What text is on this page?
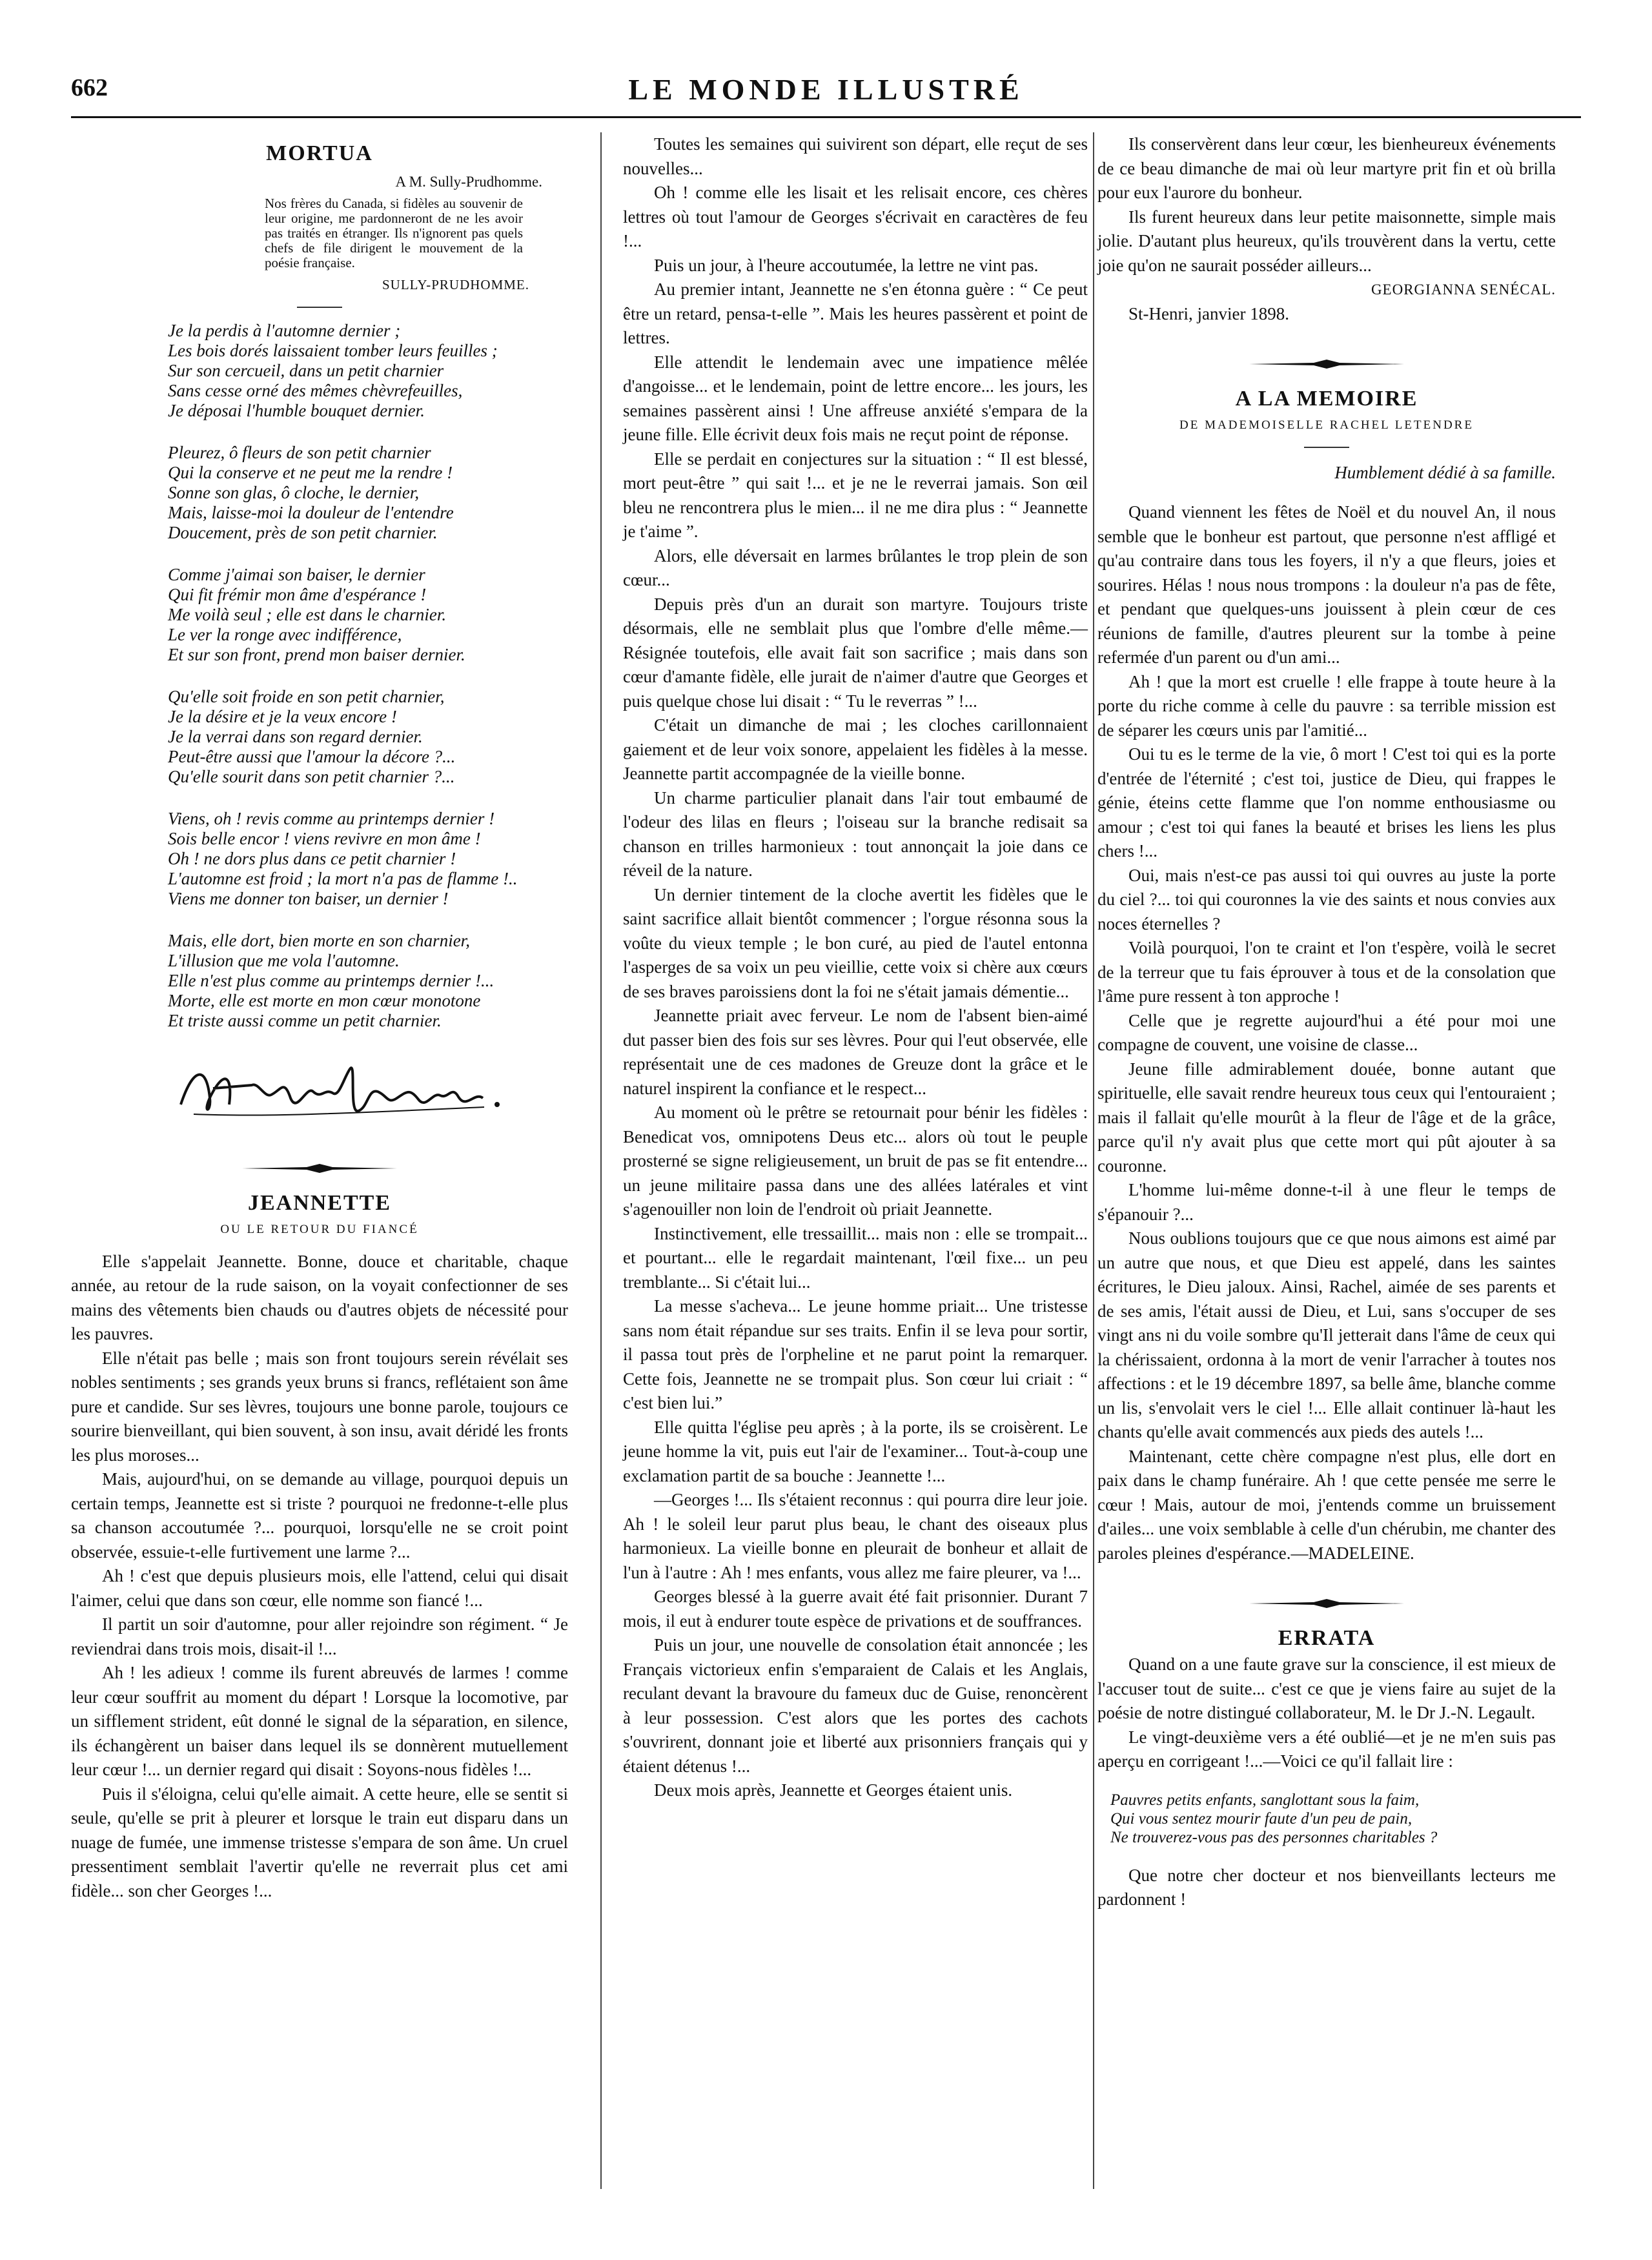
662	LE MONDE ILLUSTRÉ
MORTUA
A M. Sully-Prudhomme.
Nos frères du Canada, si fidèles au souvenir de leur origine, me pardonneront de ne les avoir pas traités en étranger. Ils n'ignorent pas quels chefs de file dirigent le mouvement de la poésie française.
SULLY-PRUDHOMME.
Je la perdis à l'automne dernier ;
Les bois dorés laissaient tomber leurs feuilles ;
Sur son cercueil, dans un petit charnier
Sans cesse orné des mêmes chèvrefeuilles,
Je déposai l'humble bouquet dernier.
Pleurez, ô fleurs de son petit charnier
Qui la conserve et ne peut me la rendre !
Sonne son glas, ô cloche, le dernier,
Mais, laisse-moi la douleur de l'entendre
Doucement, près de son petit charnier.
Comme j'aimai son baiser, le dernier
Qui fit frémir mon âme d'espérance !
Me voilà seul ; elle est dans le charnier.
Le ver la ronge avec indifférence,
Et sur son front, prend mon baiser dernier.
Qu'elle soit froide en son petit charnier,
Je la désire et je la veux encore !
Je la verrai dans son regard dernier.
Peut-être aussi que l'amour la décore ?...
Qu'elle sourit dans son petit charnier ?...
Viens, oh ! revis comme au printemps dernier !
Sois belle encor ! viens revivre en mon âme !
Oh ! ne dors plus dans ce petit charnier !
L'automne est froid ; la mort n'a pas de flamme !..
Viens me donner ton baiser, un dernier !
Mais, elle dort, bien morte en son charnier,
L'illusion que me vola l'automne.
Elle n'est plus comme au printemps dernier !...
Morte, elle est morte en mon cœur monotone
Et triste aussi comme un petit charnier.
JEANNETTE
OU LE RETOUR DU FIANCÉ

Elle s'appelait Jeannette. Bonne, douce et charitable, chaque année, au retour de la rude saison, on la voyait confectionner de ses mains des vêtements bien chauds ou d'autres objets de nécessité pour les pauvres.

Elle n'était pas belle ; mais son front toujours serein révélait ses nobles sentiments ; ses grands yeux bruns si francs, reflétaient son âme pure et candide. Sur ses lèvres, toujours une bonne parole, toujours ce sourire bienveillant, qui bien souvent, à son insu, avait déridé les fronts les plus moroses...

Mais, aujourd'hui, on se demande au village, pourquoi depuis un certain temps, Jeannette est si triste ? pourquoi ne fredonne-t-elle plus sa chanson accoutumée ?... pourquoi, lorsqu'elle ne se croit point observée, essuie-t-elle furtivement une larme ?...

Ah ! c'est que depuis plusieurs mois, elle l'attend, celui qui disait l'aimer, celui que dans son cœur, elle nomme son fiancé !...

Il partit un soir d'automne, pour aller rejoindre son régiment. “ Je reviendrai dans trois mois, disait-il !...

Ah ! les adieux ! comme ils furent abreuvés de larmes ! comme leur cœur souffrit au moment du départ ! Lorsque la locomotive, par un sifflement strident, eût donné le signal de la séparation, en silence, ils échangèrent un baiser dans lequel ils se donnèrent mutuellement leur cœur !... un dernier regard qui disait : Soyons-nous fidèles !...

Puis il s'éloigna, celui qu'elle aimait. A cette heure, elle se sentit si seule, qu'elle se prit à pleurer et lorsque le train eut disparu dans un nuage de fumée, une immense tristesse s'empara de son âme. Un cruel pressentiment semblait l'avertir qu'elle ne reverrait plus cet ami fidèle... son cher Georges !...

Toutes les semaines qui suivirent son départ, elle reçut de ses nouvelles...

Oh ! comme elle les lisait et les relisait encore, ces chères lettres où tout l'amour de Georges s'écrivait en caractères de feu !...

Puis un jour, à l'heure accoutumée, la lettre ne vint pas.

Au premier intant, Jeannette ne s'en étonna guère : “ Ce peut être un retard, pensa-t-elle ”. Mais les heures passèrent et point de lettres.

Elle attendit le lendemain avec une impatience mêlée d'angoisse... et le lendemain, point de lettre encore... les jours, les semaines passèrent ainsi ! Une affreuse anxiété s'empara de la jeune fille. Elle écrivit deux fois mais ne reçut point de réponse.

Elle se perdait en conjectures sur la situation : “ Il est blessé, mort peut-être ” qui sait !... et je ne le reverrai jamais. Son œil bleu ne rencontrera plus le mien... il ne me dira plus : “ Jeannette je t'aime ”.

Alors, elle déversait en larmes brûlantes le trop plein de son cœur...

Depuis près d'un an durait son martyre. Toujours triste désormais, elle ne semblait plus que l'ombre d'elle même.—Résignée toutefois, elle avait fait son sacrifice ; mais dans son cœur d'amante fidèle, elle jurait de n'aimer d'autre que Georges et puis quelque chose lui disait : “ Tu le reverras ” !...

C'était un dimanche de mai ; les cloches carillonnaient gaiement et de leur voix sonore, appelaient les fidèles à la messe. Jeannette partit accompagnée de la vieille bonne.

Un charme particulier planait dans l'air tout embaumé de l'odeur des lilas en fleurs ; l'oiseau sur la branche redisait sa chanson en trilles harmonieux : tout annonçait la joie dans ce réveil de la nature.

Un dernier tintement de la cloche avertit les fidèles que le saint sacrifice allait bientôt commencer ; l'orgue résonna sous la voûte du vieux temple ; le bon curé, au pied de l'autel entonna l'asperges de sa voix un peu vieillie, cette voix si chère aux cœurs de ses braves paroissiens dont la foi ne s'était jamais démentie...

Jeannette priait avec ferveur. Le nom de l'absent bien-aimé dut passer bien des fois sur ses lèvres. Pour qui l'eut observée, elle représentait une de ces madones de Greuze dont la grâce et le naturel inspirent la confiance et le respect...

Au moment où le prêtre se retournait pour bénir les fidèles : Benedicat vos, omnipotens Deus etc... alors où tout le peuple prosterné se signe religieusement, un bruit de pas se fit entendre... un jeune militaire passa dans une des allées latérales et vint s'agenouiller non loin de l'endroit où priait Jeannette.

Instinctivement, elle tressaillit... mais non : elle se trompait... et pourtant... elle le regardait maintenant, l'œil fixe... un peu tremblante... Si c'était lui...

La messe s'acheva... Le jeune homme priait... Une tristesse sans nom était répandue sur ses traits. Enfin il se leva pour sortir, il passa tout près de l'orpheline et ne parut point la remarquer. Cette fois, Jeannette ne se trompait plus. Son cœur lui criait : “ c'est bien lui.”

Elle quitta l'église peu après ; à la porte, ils se croisèrent. Le jeune homme la vit, puis eut l'air de l'examiner... Tout-à-coup une exclamation partit de sa bouche : Jeannette !...

—Georges !... Ils s'étaient reconnus : qui pourra dire leur joie. Ah ! le soleil leur parut plus beau, le chant des oiseaux plus harmonieux. La vieille bonne en pleurait de bonheur et allait de l'un à l'autre : Ah ! mes enfants, vous allez me faire pleurer, va !...

Georges blessé à la guerre avait été fait prisonnier. Durant 7 mois, il eut à endurer toute espèce de privations et de souffrances.

Puis un jour, une nouvelle de consolation était annoncée ; les Français victorieux enfin s'emparaient de Calais et les Anglais, reculant devant la bravoure du fameux duc de Guise, renoncèrent à leur possession. C'est alors que les portes des cachots s'ouvrirent, donnant joie et liberté aux prisonniers français qui y étaient détenus !...

Deux mois après, Jeannette et Georges étaient unis.

Ils conservèrent dans leur cœur, les bienheureux événements de ce beau dimanche de mai où leur martyre prit fin et où brilla pour eux l'aurore du bonheur.

Ils furent heureux dans leur petite maisonnette, simple mais jolie. D'autant plus heureux, qu'ils trouvèrent dans la vertu, cette joie qu'on ne saurait posséder ailleurs...

GEORGIANNA SENÉCAL.

St-Henri, janvier 1898.

A LA MEMOIRE
DE MADEMOISELLE RACHEL LETENDRE
Humblement dédié à sa famille.

Quand viennent les fêtes de Noël et du nouvel An, il nous semble que le bonheur est partout, que personne n'est affligé et qu'au contraire dans tous les foyers, il n'y a que fleurs, joies et sourires. Hélas ! nous nous trompons : la douleur n'a pas de fête, et pendant que quelques-uns jouissent à plein cœur de ces réunions de famille, d'autres pleurent sur la tombe à peine refermée d'un parent ou d'un ami...

Ah ! que la mort est cruelle ! elle frappe à toute heure à la porte du riche comme à celle du pauvre : sa terrible mission est de séparer les cœurs unis par l'amitié...

Oui tu es le terme de la vie, ô mort ! C'est toi qui es la porte d'entrée de l'éternité ; c'est toi, justice de Dieu, qui frappes le génie, éteins cette flamme que l'on nomme enthousiasme ou amour ; c'est toi qui fanes la beauté et brises les liens les plus chers !...

Oui, mais n'est-ce pas aussi toi qui ouvres au juste la porte du ciel ?... toi qui couronnes la vie des saints et nous convies aux noces éternelles ?

Voilà pourquoi, l'on te craint et l'on t'espère, voilà le secret de la terreur que tu fais éprouver à tous et de la consolation que l'âme pure ressent à ton approche !

Celle que je regrette aujourd'hui a été pour moi une compagne de couvent, une voisine de classe...

Jeune fille admirablement douée, bonne autant que spirituelle, elle savait rendre heureux tous ceux qui l'entouraient ; mais il fallait qu'elle mourût à la fleur de l'âge et de la grâce, parce qu'il n'y avait plus que cette mort qui pût ajouter à sa couronne.

L'homme lui-même donne-t-il à une fleur le temps de s'épanouir ?...

Nous oublions toujours que ce que nous aimons est aimé par un autre que nous, et que Dieu est appelé, dans les saintes écritures, le Dieu jaloux. Ainsi, Rachel, aimée de ses parents et de ses amis, l'était aussi de Dieu, et Lui, sans s'occuper de ses vingt ans ni du voile sombre qu'Il jetterait dans l'âme de ceux qui la chérissaient, ordonna à la mort de venir l'arracher à toutes nos affections : et le 19 décembre 1897, sa belle âme, blanche comme un lis, s'envolait vers le ciel !... Elle allait continuer là-haut les chants qu'elle avait commencés aux pieds des autels !...

Maintenant, cette chère compagne n'est plus, elle dort en paix dans le champ funéraire. Ah ! que cette pensée me serre le cœur ! Mais, autour de moi, j'entends comme un bruissement d'ailes... une voix semblable à celle d'un chérubin, me chanter des paroles pleines d'espérance.—MADELEINE.

ERRATA

Quand on a une faute grave sur la conscience, il est mieux de l'accuser tout de suite... c'est ce que je viens faire au sujet de la poésie de notre distingué collaborateur, M. le Dr J.-N. Legault.

Le vingt-deuxième vers a été oublié—et je ne m'en suis pas aperçu en corrigeant !...—Voici ce qu'il fallait lire :

Pauvres petits enfants, sanglottant sous la faim,
Qui vous sentez mourir faute d'un peu de pain,
Ne trouverez-vous pas des personnes charitables ?

Que notre cher docteur et nos bienveillants lecteurs me pardonnent !
